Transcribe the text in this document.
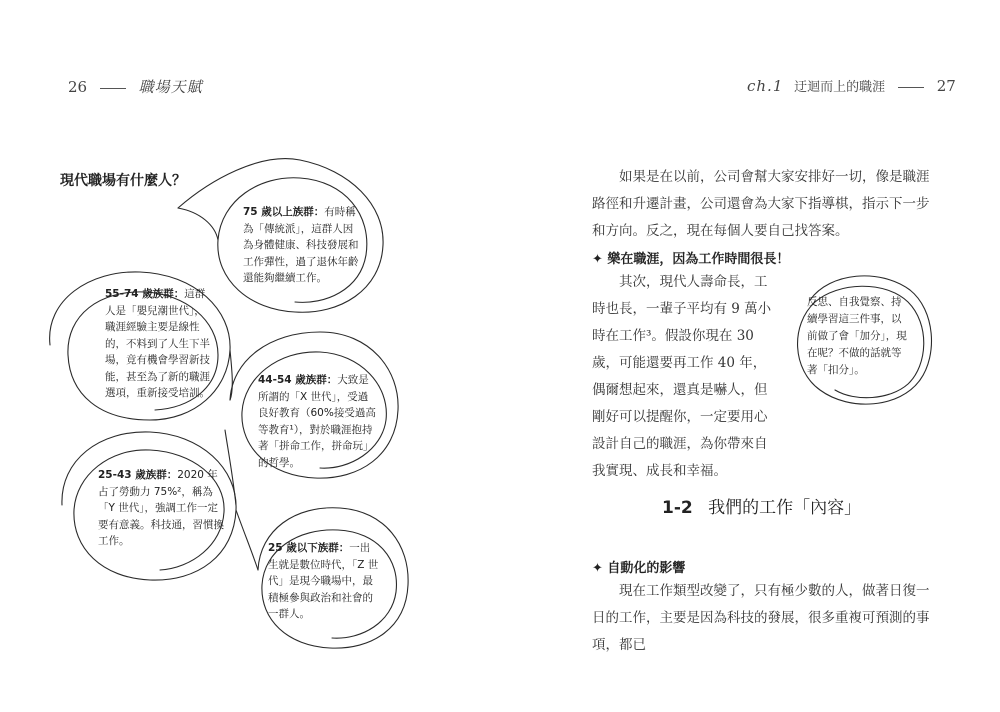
26	職場天賦
現代職場有什麼人？
75 歲以上族群：有時稱為「傳統派」，這群人因為身體健康、科技發展和工作彈性，過了退休年齡還能夠繼續工作。
55-74 歲族群：這群人是「嬰兒潮世代」，職涯經驗主要是線性的，不料到了人生下半場，竟有機會學習新技能，甚至為了新的職涯選項，重新接受培訓。
44-54 歲族群：大致是所謂的「X 世代」，受過良好教育（60%接受過高等教育¹），對於職涯抱持著「拼命工作，拼命玩」的哲學。
25-43 歲族群：2020 年占了勞動力 75%²，稱為「Y 世代」，強調工作一定要有意義。科技通，習慣換工作。
25 歲以下族群：一出生就是數位時代，「Z 世代」是現今職場中，最積極參與政治和社會的一群人。
ch.1 迂迴而上的職涯	27

如果是在以前，公司會幫大家安排好一切，像是職涯路徑和升遷計畫，公司還會為大家下指導棋，指示下一步和方向。反之，現在每個人要自己找答案。

✦ 樂在職涯，因為工作時間很長！

其次，現代人壽命長，工時也長，一輩子平均有 9 萬小時在工作³。假設你現在 30 歲，可能還要再工作 40 年，偶爾想起來，還真是嚇人，但剛好可以提醒你，一定要用心設計自己的職涯，為你帶來自我實現、成長和幸福。

反思、自我覺察、持續學習這三件事，以前做了會「加分」，現在呢？不做的話就等著「扣分」。
1-2 我們的工作「內容」
✦ 自動化的影響

現在工作類型改變了，只有極少數的人，做著日復一日的工作，主要是因為科技的發展，很多重複可預測的事項，都已
